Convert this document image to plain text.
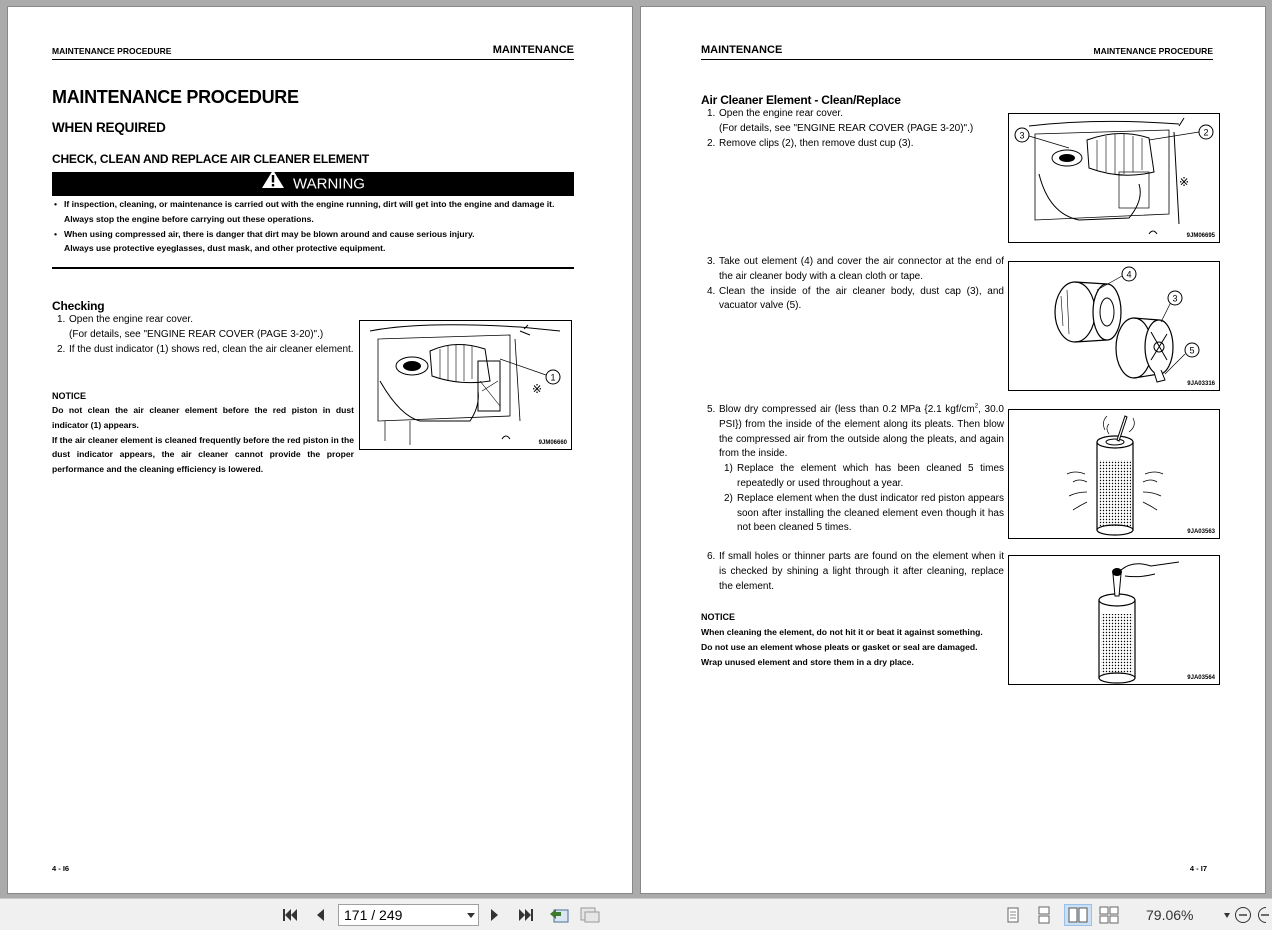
MAINTENANCE PROCEDURE	MAINTENANCE
MAINTENANCE PROCEDURE
WHEN REQUIRED
CHECK, CLEAN AND REPLACE AIR CLEANER ELEMENT
WARNING
• If inspection, cleaning, or maintenance is carried out with the engine running, dirt will get into the engine and damage it.
Always stop the engine before carrying out these operations.
• When using compressed air, there is danger that dirt may be blown around and cause serious injury.
Always use protective eyeglasses, dust mask, and other protective equipment.
Checking
1. Open the engine rear cover.
(For details, see "ENGINE REAR COVER (PAGE 3-20)".)
2. If the dust indicator (1) shows red, clean the air cleaner element.
NOTICE
Do not clean the air cleaner element before the red piston in dust indicator (1) appears.
If the air cleaner element is cleaned frequently before the red piston in the dust indicator appears, the air cleaner cannot provide the proper performance and the cleaning efficiency is lowered.
1
※
9JM06660
4 - I6
MAINTENANCE	MAINTENANCE PROCEDURE
Air Cleaner Element - Clean/Replace
1. Open the engine rear cover.
(For details, see "ENGINE REAR COVER (PAGE 3-20)".)
2. Remove clips (2), then remove dust cup (3).
3. Take out element (4) and cover the air connector at the end of the air cleaner body with a clean cloth or tape.
4. Clean the inside of the air cleaner body, dust cap (3), and vacuator valve (5).
5. Blow dry compressed air (less than 0.2 MPa {2.1 kgf/$cm^2$, 30.0 PSI}) from the inside of the element along its pleats. Then blow the compressed air from the outside along the pleats, and again from the inside.
1) Replace the element which has been cleaned 5 times repeatedly or used throughout a year.
2) Replace element when the dust indicator red piston appears soon after installing the cleaned element even though it has not been cleaned 5 times.
6. If small holes or thinner parts are found on the element when it is checked by shining a light through it after cleaning, replace the element.
NOTICE
When cleaning the element, do not hit it or beat it against something.
Do not use an element whose pleats or gasket or seal are damaged.
Wrap unused element and store them in a dry place.
3	2
※
9JM06695
4
3
5
9JA03316
9JA03563
9JA03564
4 - I7
171 / 249	79.06%
